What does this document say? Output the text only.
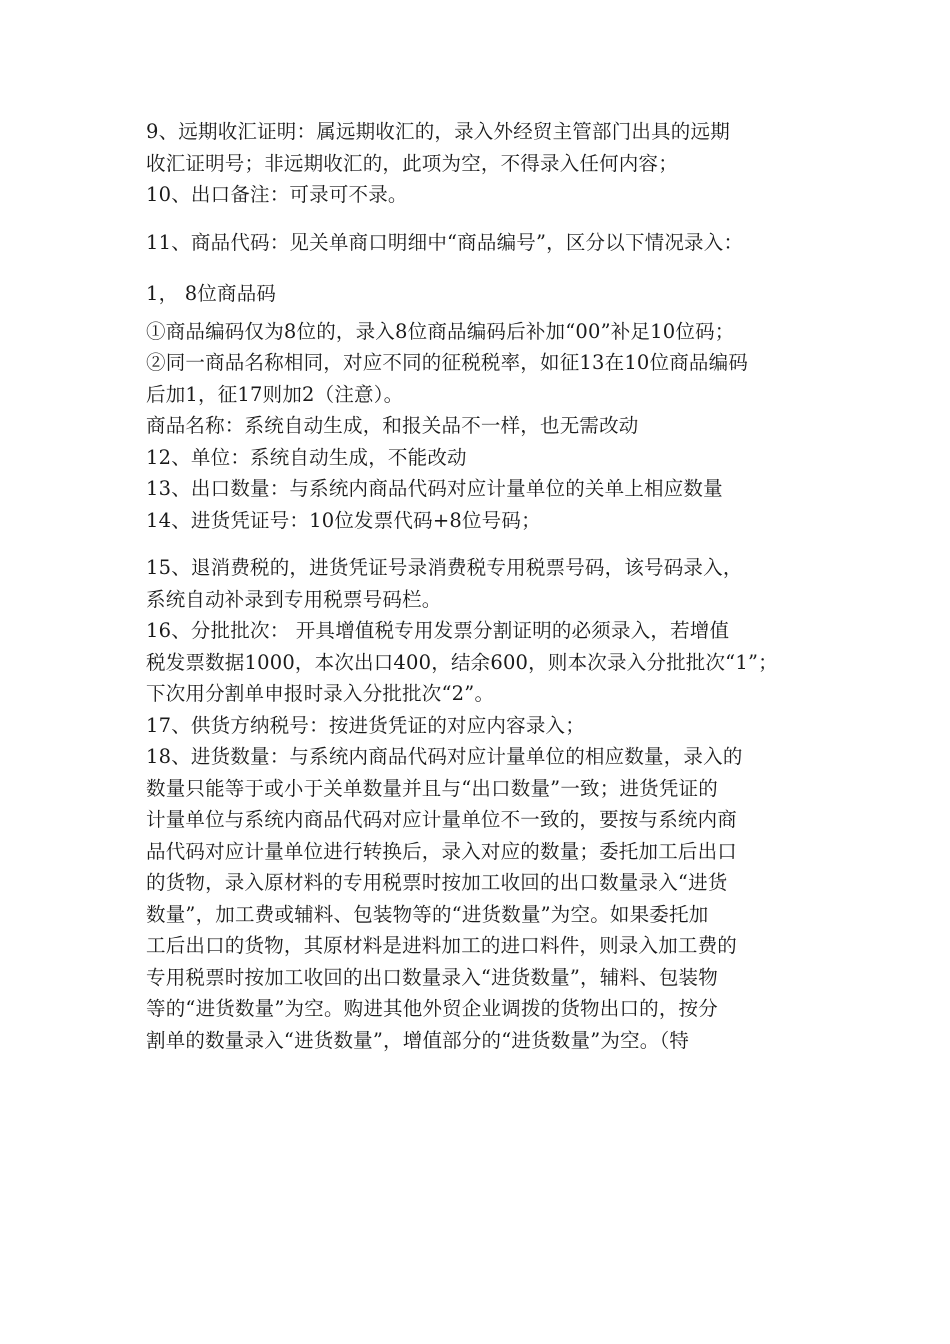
9、远期收汇证明：属远期收汇的，录入外经贸主管部门出具的远期

收汇证明号；非远期收汇的，此项为空，不得录入任何内容；

10、出口备注：可录可不录。

11、商品代码：见关单商口明细中“商品编号”，区分以下情况录入：

1， 8位商品码

①商品编码仅为8位的，录入8位商品编码后补加“00”补足10位码；

②同一商品名称相同，对应不同的征税税率，如征13在10位商品编码

后加1，征17则加2（注意）。

商品名称：系统自动生成，和报关品不一样，也无需改动

12、单位：系统自动生成，不能改动

13、出口数量：与系统内商品代码对应计量单位的关单上相应数量

14、进货凭证号：10位发票代码+8位号码；

15、退消费税的，进货凭证号录消费税专用税票号码，该号码录入，

系统自动补录到专用税票号码栏。

16、分批批次： 开具增值税专用发票分割证明的必须录入，若增值

税发票数据1000，本次出口400，结余600，则本次录入分批批次“1”；

下次用分割单申报时录入分批批次“2”。

17、供货方纳税号：按进货凭证的对应内容录入；

18、进货数量：与系统内商品代码对应计量单位的相应数量，录入的

数量只能等于或小于关单数量并且与“出口数量”一致；进货凭证的

计量单位与系统内商品代码对应计量单位不一致的，要按与系统内商

品代码对应计量单位进行转换后，录入对应的数量；委托加工后出口

的货物，录入原材料的专用税票时按加工收回的出口数量录入“进货

数量”，加工费或辅料、包装物等的“进货数量”为空。如果委托加

工后出口的货物，其原材料是进料加工的进口料件，则录入加工费的

专用税票时按加工收回的出口数量录入“进货数量”，辅料、包装物

等的“进货数量”为空。购进其他外贸企业调拨的货物出口的，按分

割单的数量录入“进货数量”，增值部分的“进货数量”为空。（特
